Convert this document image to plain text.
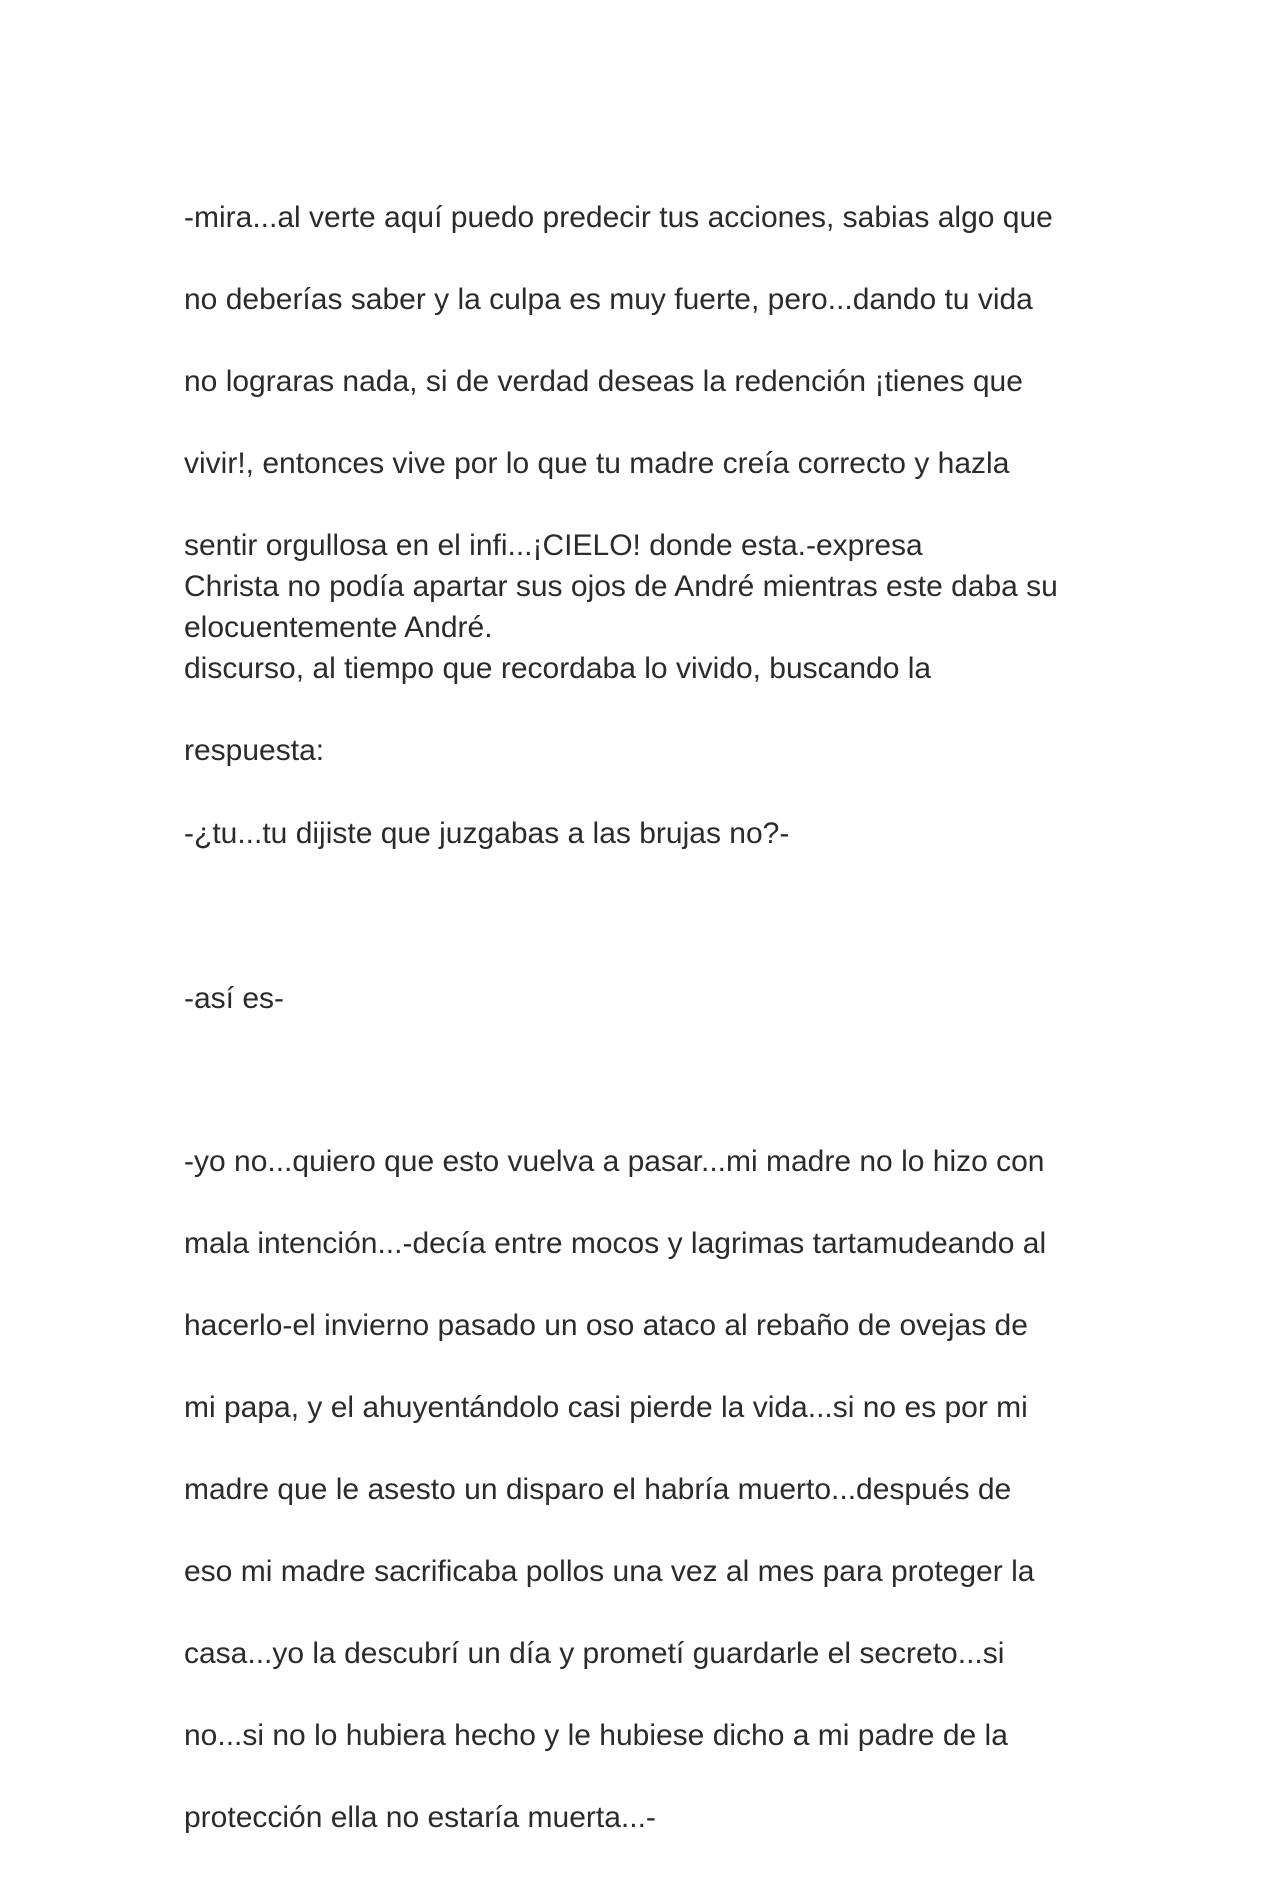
-mira...al verte aquí puedo predecir tus acciones, sabias algo que

no deberías saber y la culpa es muy fuerte, pero...dando tu vida

no lograras nada, si de verdad deseas la redención ¡tienes que

vivir!, entonces vive por lo que tu madre creía correcto y hazla

sentir orgullosa en el infi...¡CIELO! donde esta.-expresa

elocuentemente André.

Christa no podía apartar sus ojos de André mientras este daba su

discurso, al tiempo que recordaba lo vivido, buscando la

respuesta:

-¿tu...tu dijiste que juzgabas a las brujas no?-

-así es-

-yo no...quiero que esto vuelva a pasar...mi madre no lo hizo con

mala intención...-decía entre mocos y lagrimas tartamudeando al

hacerlo-el invierno pasado un oso ataco al rebaño de ovejas de

mi papa, y el ahuyentándolo casi pierde la vida...si no es por mi

madre que le asesto un disparo el habría muerto...después de

eso mi madre sacrificaba pollos una vez al mes para proteger la

casa...yo la descubrí un día y prometí guardarle el secreto...si

no...si no lo hubiera hecho y le hubiese dicho a mi padre de la

protección ella no estaría muerta...-
